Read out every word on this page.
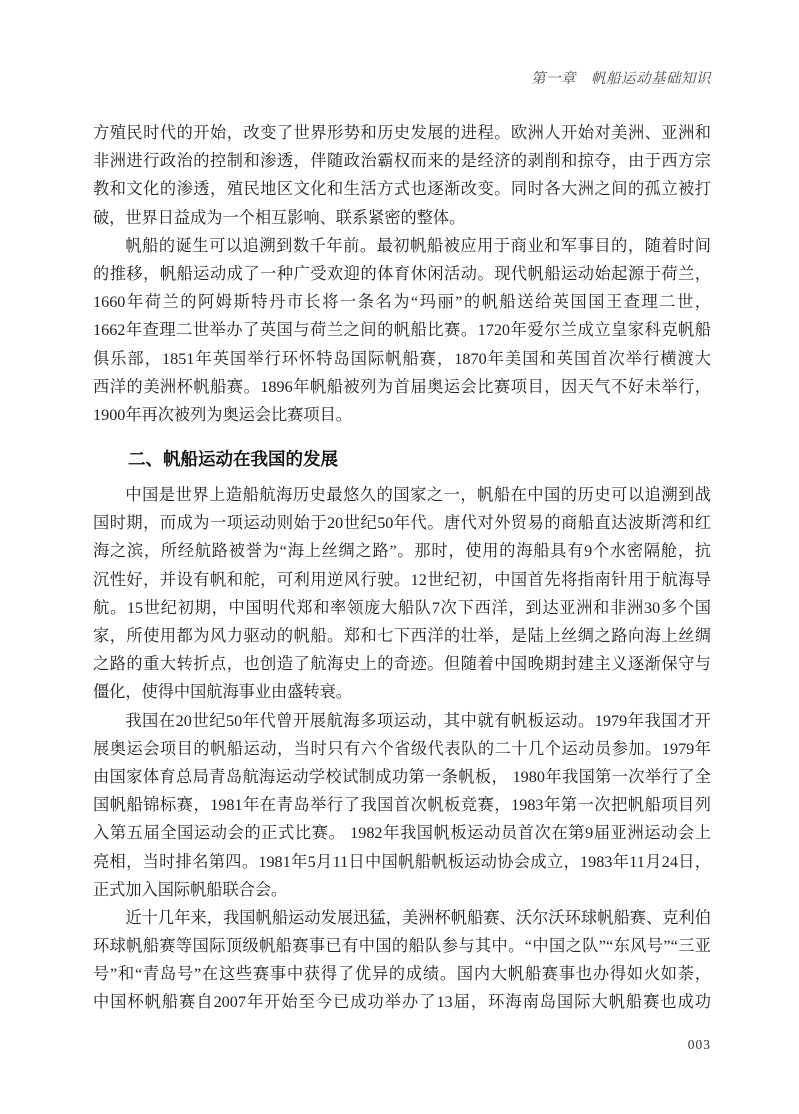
第一章　帆船运动基础知识
方殖民时代的开始，改变了世界形势和历史发展的进程。欧洲人开始对美洲、亚洲和
非洲进行政治的控制和渗透，伴随政治霸权而来的是经济的剥削和掠夺，由于西方宗
教和文化的渗透，殖民地区文化和生活方式也逐渐改变。同时各大洲之间的孤立被打
破，世界日益成为一个相互影响、联系紧密的整体。
帆船的诞生可以追溯到数千年前。最初帆船被应用于商业和军事目的，随着时间
的推移，帆船运动成了一种广受欢迎的体育休闲活动。现代帆船运动始起源于荷兰，
1660年荷兰的阿姆斯特丹市长将一条名为“玛丽”的帆船送给英国国王查理二世，
1662年查理二世举办了英国与荷兰之间的帆船比赛。1720年爱尔兰成立皇家科克帆船
俱乐部，1851年英国举行环怀特岛国际帆船赛，1870年美国和英国首次举行横渡大
西洋的美洲杯帆船赛。1896年帆船被列为首届奥运会比赛项目，因天气不好未举行，
1900年再次被列为奥运会比赛项目。
二、帆船运动在我国的发展
中国是世界上造船航海历史最悠久的国家之一，帆船在中国的历史可以追溯到战
国时期，而成为一项运动则始于20世纪50年代。唐代对外贸易的商船直达波斯湾和红
海之滨，所经航路被誉为“海上丝绸之路”。那时，使用的海船具有9个水密隔舱，抗
沉性好，并设有帆和舵，可利用逆风行驶。12世纪初，中国首先将指南针用于航海导
航。15世纪初期，中国明代郑和率领庞大船队7次下西洋，到达亚洲和非洲30多个国
家，所使用都为风力驱动的帆船。郑和七下西洋的壮举，是陆上丝绸之路向海上丝绸
之路的重大转折点，也创造了航海史上的奇迹。但随着中国晚期封建主义逐渐保守与
僵化，使得中国航海事业由盛转衰。
我国在20世纪50年代曾开展航海多项运动，其中就有帆板运动。1979年我国才开
展奥运会项目的帆船运动，当时只有六个省级代表队的二十几个运动员参加。1979年
由国家体育总局青岛航海运动学校试制成功第一条帆板， 1980年我国第一次举行了全
国帆船锦标赛，1981年在青岛举行了我国首次帆板竞赛，1983年第一次把帆船项目列
入第五届全国运动会的正式比赛。 1982年我国帆板运动员首次在第9届亚洲运动会上
亮相，当时排名第四。1981年5月11日中国帆船帆板运动协会成立，1983年11月24日，
正式加入国际帆船联合会。
近十几年来，我国帆船运动发展迅猛，美洲杯帆船赛、沃尔沃环球帆船赛、克利伯
环球帆船赛等国际顶级帆船赛事已有中国的船队参与其中。“中国之队”“东风号”“三亚
号”和“青岛号”在这些赛事中获得了优异的成绩。国内大帆船赛事也办得如火如荼，
中国杯帆船赛自2007年开始至今已成功举办了13届，环海南岛国际大帆船赛也成功
003
